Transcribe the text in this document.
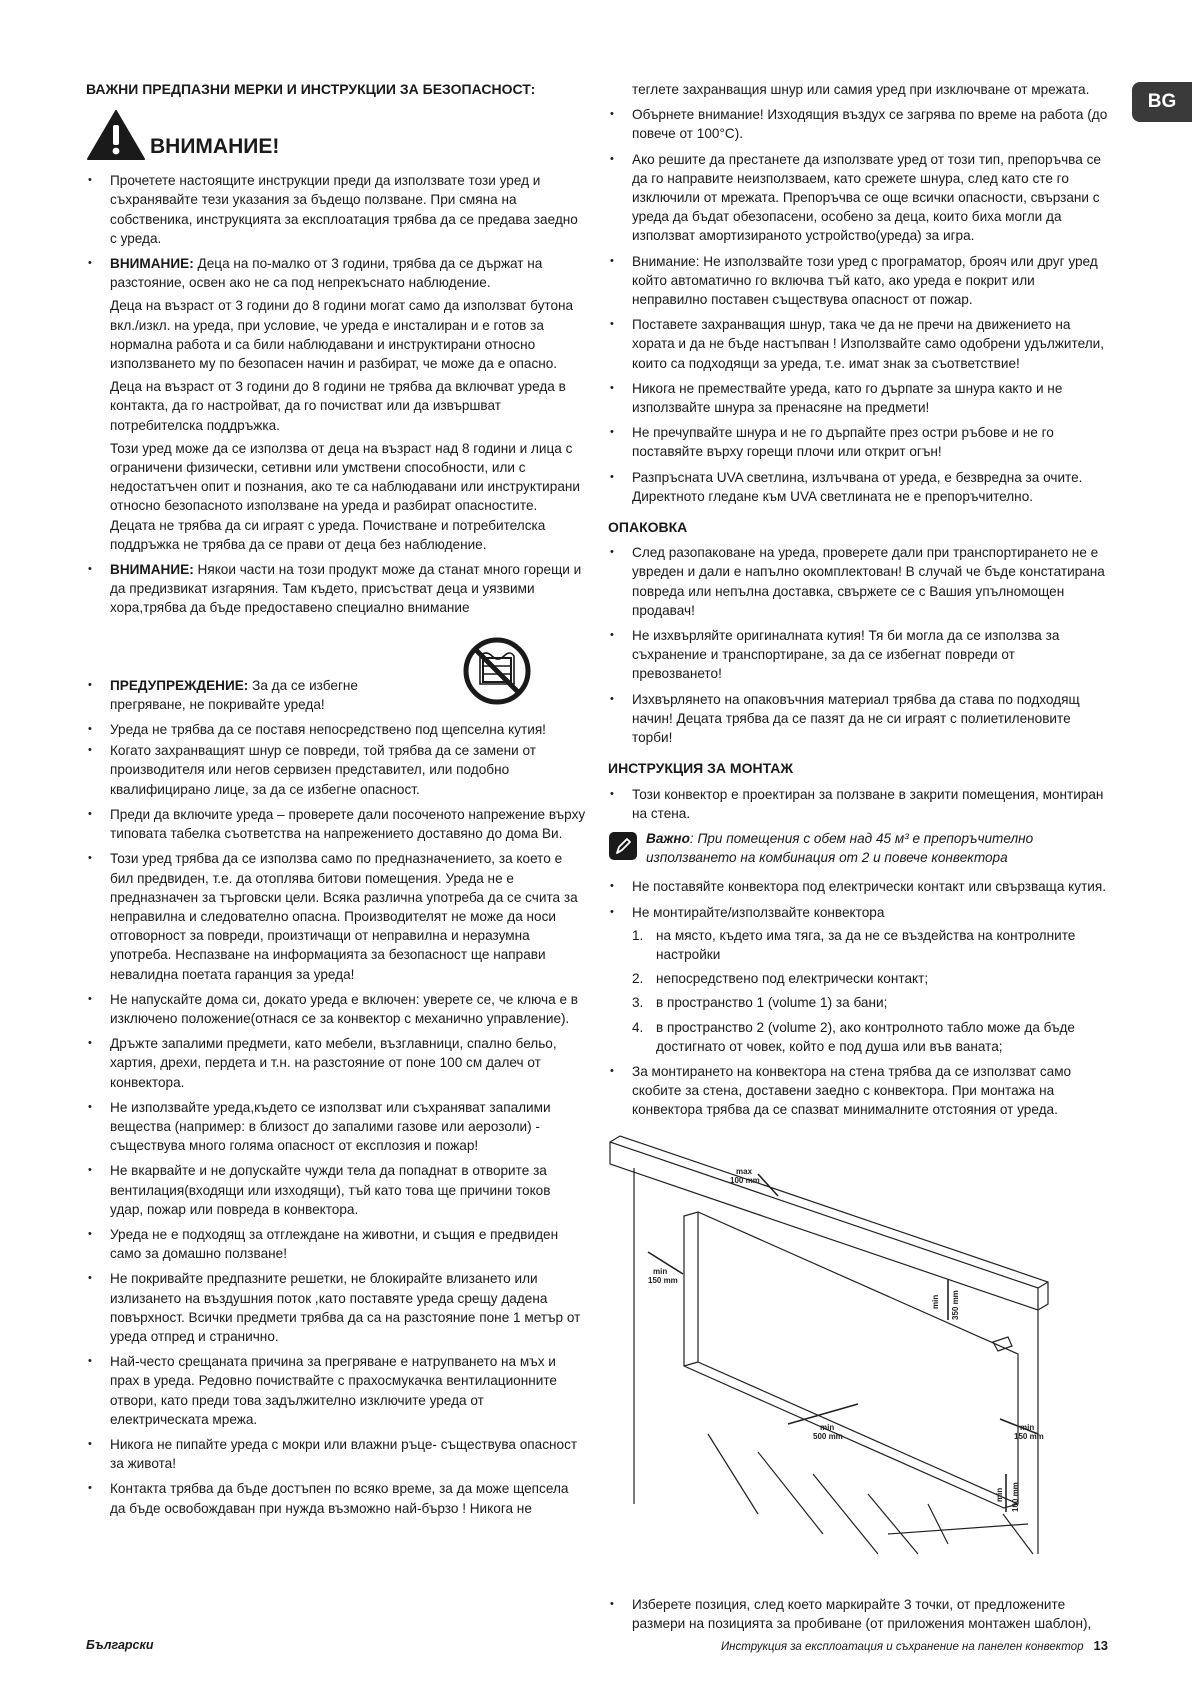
BG
ВАЖНИ ПРЕДПАЗНИ МЕРКИ И ИНСТРУКЦИИ ЗА БЕЗОПАСНОСТ:
ВНИМАНИЕ!
• Прочетете настоящите инструкции преди да използвате този уред и съхранявайте тези указания за бъдещо ползване. При смяна на собственика, инструкцията за експлоатация трябва да се предава заедно с уреда.
• ВНИМАНИЕ: Деца на по-малко от 3 години, трябва да се държат на разстояние, освен ако не са под непрекъснато наблюдение.
Деца на възраст от 3 години до 8 години могат само да използват бутона вкл./изкл. на уреда, при условие, че уреда е инсталиран и е готов за нормална работа и са били наблюдавани и инструктирани относно използването му по безопасен начин и разбират, че може да е опасно.
Деца на възраст от 3 години до 8 години не трябва да включват уреда в контакта, да го настройват, да го почистват или да извършват потребителска поддръжка.
Този уред може да се използва от деца на възраст над 8 години и лица с ограничени физически, сетивни или умствени способности, или с недостатъчен опит и познания, ако те са наблюдавани или инструктирани относно безопасното използване на уреда и разбират опасностите. Децата не трябва да си играят с уреда. Почистване и потребителска поддръжка не трябва да се прави от деца без наблюдение.
• ВНИМАНИЕ: Някои части на този продукт може да станат много горещи и да предизвикат изгаряния. Там където, присъстват деца и уязвими хора,трябва да бъде предоставено специално внимание
• ПРЕДУПРЕЖДЕНИЕ: За да се избегне прегряване, не покривайте уреда!
• Уреда не трябва да се поставя непосредствено под щепселна кутия!
• Когато захранващият шнур се повреди, той трябва да се замени от производителя или негов сервизен представител, или подобно квалифицирано лице, за да се избегне опасност.
• Преди да включите уреда – проверете дали посоченото напрежение върху типовата табелка съответства на напрежението доставяно до дома Ви.
• Този уред трябва да се използва само по предназначението, за което е бил предвиден, т.е. да отоплява битови помещения. Уреда не е предназначен за търговски цели. Всяка различна употреба да се счита за неправилна и следователно опасна. Производителят не може да носи отговорност за повреди, произтичащи от неправилна и неразумна употреба. Неспазване на информацията за безопасност ще направи невалидна поетата гаранция за уреда!
• Не напускайте дома си, докато уреда е включен: уверете се, че ключа е в изключено положение(отнася се за конвектор с механично управление).
• Дръжте запалими предмети, като мебели, възглавници, спално бельо, хартия, дрехи, пердета и т.н. на разстояние от поне 100 см далеч от конвектора.
• Не използвайте уреда,където се използват или съхраняват запалими вещества (например: в близост до запалими газове или аерозоли) - съществува много голяма опасност от експлозия и пожар!
• Не вкарвайте и не допускайте чужди тела да попаднат в отворите за вентилация(входящи или изходящи), тъй като това ще причини токов удар, пожар или повреда в конвектора.
• Уреда не е подходящ за отглеждане на животни, и същия е предвиден само за домашно ползване!
• Не покривайте предпазните решетки, не блокирайте влизането или излизането на въздушния поток ,като поставяте уреда срещу дадена повърхност. Всички предмети трябва да са на разстояние поне 1 метър от уреда отпред и странично.
• Най-често срещаната причина за прегряване е натрупването на мъх и прах в уреда. Редовно почиствайте с прахосмукачка вентилационните отвори, като преди това задължително изключите уреда от електрическата мрежа.
• Никога не пипайте уреда с мокри или влажни ръце- съществува опасност за живота!
• Контакта трябва да бъде достъпен по всяко време, за да може щепсела да бъде освобождаван при нужда възможно най-бързо ! Никога не
теглете захранващия шнур или самия уред при изключване от мрежата.
• Обърнете внимание! Изходящия въздух се загрява по време на работа (до повече от 100°C).
• Ако решите да престанете да използвате уред от този тип, препоръчва се да го направите неизползваем, като срежете шнура, след като сте го изключили от мрежата. Препоръчва се още всички опасности, свързани с уреда да бъдат обезопасени, особено за деца, които биха могли да използват амортизираното устройство(уреда) за игра.
• Внимание: Не използвайте този уред с програматор, брояч или друг уред който автоматично го включва тъй като, ако уреда е покрит или неправилно поставен съществува опасност от пожар.
• Поставете захранващия шнур, така че да не пречи на движението на хората и да не бъде настъпван ! Използвайте само одобрени удължители, които са подходящи за уреда, т.е. имат знак за съответствие!
• Никога не премествайте уреда, като го дърпате за шнура както и не използвайте шнура за пренасяне на предмети!
• Не пречупвайте шнура и не го дърпайте през остри ръбове и не го поставяйте върху горещи плочи или открит огън!
• Разпръснатa UVA светлина, излъчвана от уреда, е безвредна за очите. Директното гледане към UVA светлината не е препоръчително.
ОПАКОВКА
• След разопаковане на уреда, проверете дали при транспортирането не е увреден и дали е напълно окомплектован! В случай че бъде констатирана повреда или непълна доставка, свържете се с Вашия упълномощен продавач!
• Не изхвърляйте оригиналната кутия! Тя би могла да се използва за съхранение и транспортиране, за да се избегнат повреди от превозването!
• Изхвърлянето на опаковъчния материал трябва да става по подходящ начин! Децата трябва да се пазят да не си играят с полиетиленовите торби!
ИНСТРУКЦИЯ ЗА МОНТАЖ
• Този конвектор е проектиран за ползване в закрити помещения, монтиран на стена.
Важно: При помещения с обем над 45 м³ е препоръчително използването на комбинация от 2 и повече конвектора
• Не поставяйте конвектора под електрически контакт или свързваща кутия.
• Не монтирайте/използвайте конвектора
1. на място, където има тяга, за да не се въздейства на контролните настройки
2. непосредствено под електрически контакт;
3. в пространство 1 (volume 1) за бани;
4. в пространство 2 (volume 2), ако контролното табло може да бъде достигнато от човек, който е под душа или във ваната;
• За монтирането на конвектора на стена трябва да се използват само скобите за стена, доставени заедно с конвектора. При монтажа на конвектора трябва да се спазват минималните отстояния от уреда.
max
100 mm
min
150 mm
min 350 mm
min
500 mm
min
150 mm
min 100 mm
• Изберете позиция, след което маркирайте 3 точки, от предложените размери на позицията за пробиване (от приложения монтажен шаблон),
Български	Инструкция за експлоатация и съхранение на панелен конвектор 13
